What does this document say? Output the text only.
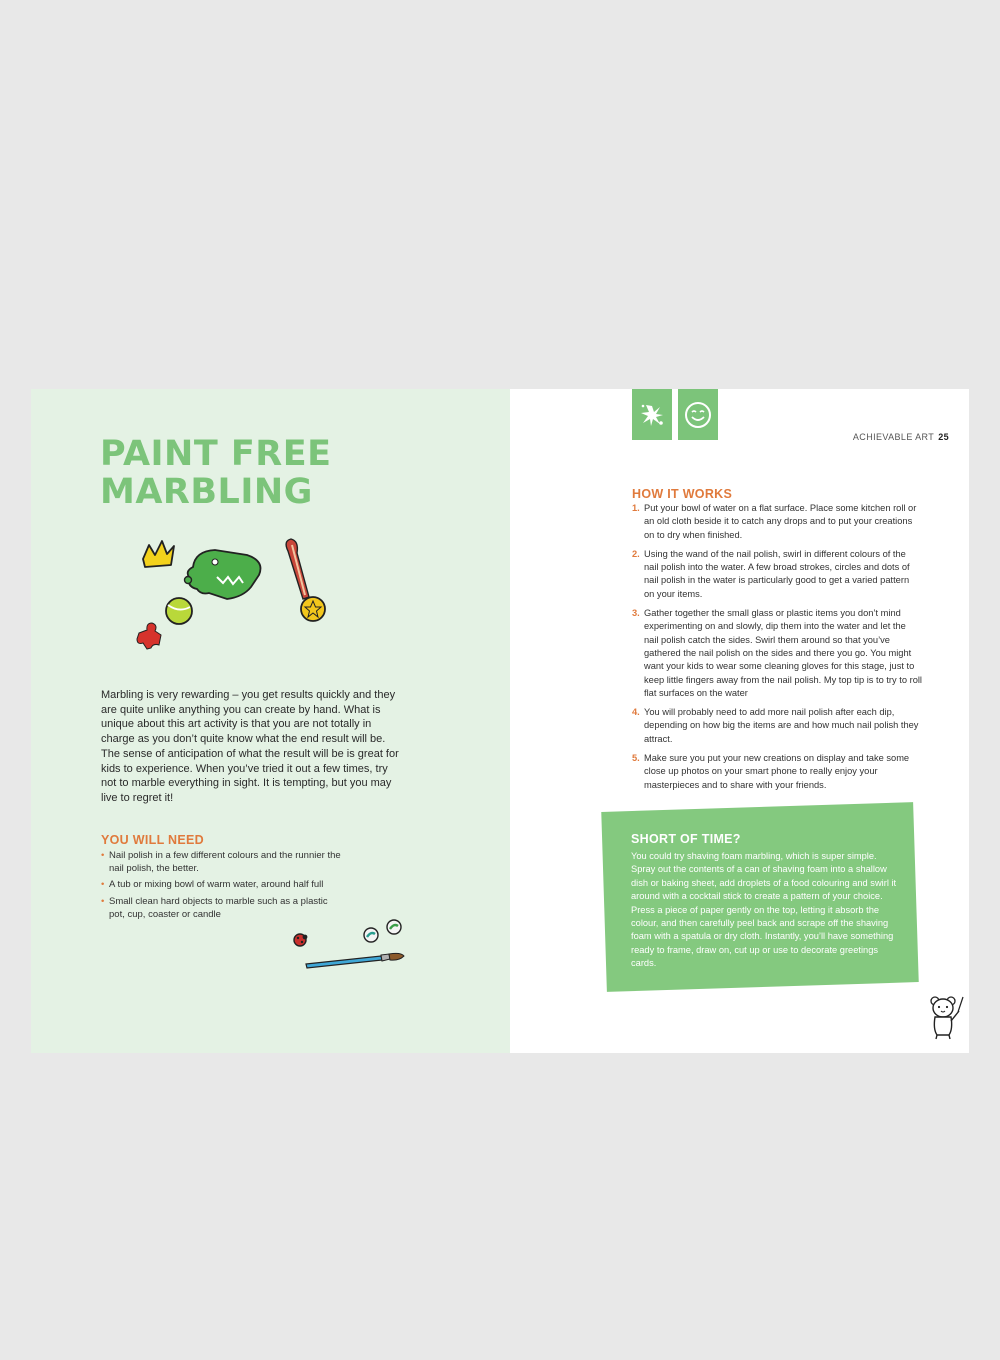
PAINT FREE
MARBLING

Marbling is very rewarding – you get results quickly and they are quite unlike anything you can create by hand. What is unique about this art activity is that you are not totally in charge as you don’t quite know what the end result will be. The sense of anticipation of what the result will be is great for kids to experience. When you’ve tried it out a few times, try not to marble everything in sight. It is tempting, but you may live to regret it!

YOU WILL NEED
• Nail polish in a few different colours and the runnier the nail polish, the better.
• A tub or mixing bowl of warm water, around half full
• Small clean hard objects to marble such as a plastic pot, cup, coaster or candle
ACHIEVABLE ART 25
HOW IT WORKS
1. Put your bowl of water on a flat surface. Place some kitchen roll or an old cloth beside it to catch any drops and to put your creations on to dry when finished.
2. Using the wand of the nail polish, swirl in different colours of the nail polish into the water. A few broad strokes, circles and dots of nail polish in the water is particularly good to get a varied pattern on your items.
3. Gather together the small glass or plastic items you don’t mind experimenting on and slowly, dip them into the water and let the nail polish catch the sides. Swirl them around so that you’ve gathered the nail polish on the sides and there you go. You might want your kids to wear some cleaning gloves for this stage, just to keep little fingers away from the nail polish. My top tip is to try to roll flat surfaces on the water
4. You will probably need to add more nail polish after each dip, depending on how big the items are and how much nail polish they attract.
5. Make sure you put your new creations on display and take some close up photos on your smart phone to really enjoy your masterpieces and to share with your friends.
SHORT OF TIME?

You could try shaving foam marbling, which is super simple. Spray out the contents of a can of shaving foam into a shallow dish or baking sheet, add droplets of a food colouring and swirl it around with a cocktail stick to create a pattern of your choice. Press a piece of paper gently on the top, letting it absorb the colour, and then carefully peel back and scrape off the shaving foam with a spatula or dry cloth. Instantly, you’ll have something ready to frame, draw on, cut up or use to decorate greetings cards.
